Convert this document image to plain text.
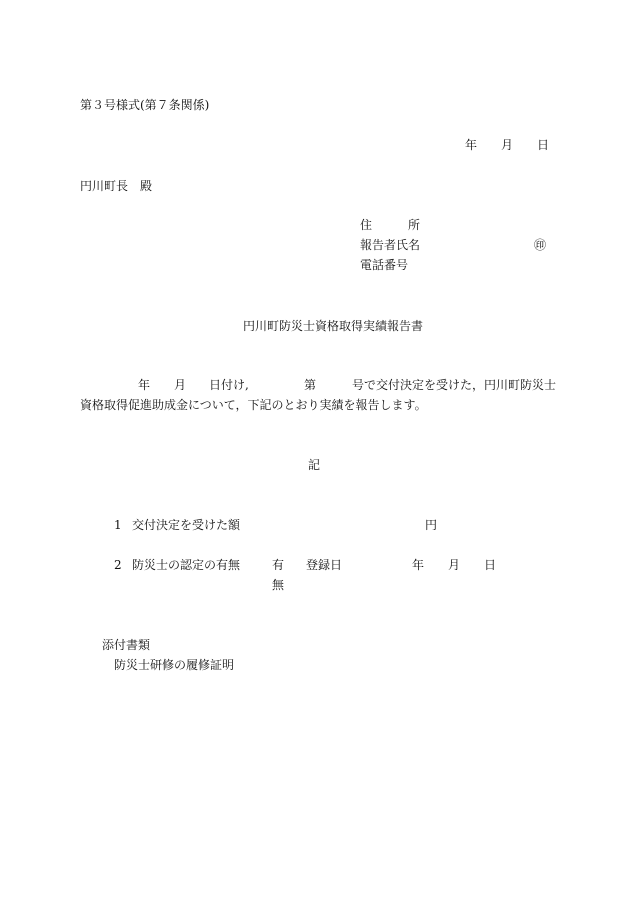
第３号様式(第７条関係)
年　　月　　日
円川町長　殿
住　　　所
報告者氏名	㊞
電話番号
円川町防災士資格取得実績報告書
年 月 日付け,	第	号で交付決定を受けた，円川町防災士
資格取得促進助成金について，下記のとおり実績を報告します。
記
1 交付決定を受けた額	円
2 防災士の認定の有無	有 登録日	年　　月　　日
無
添付書類
防災士研修の履修証明
